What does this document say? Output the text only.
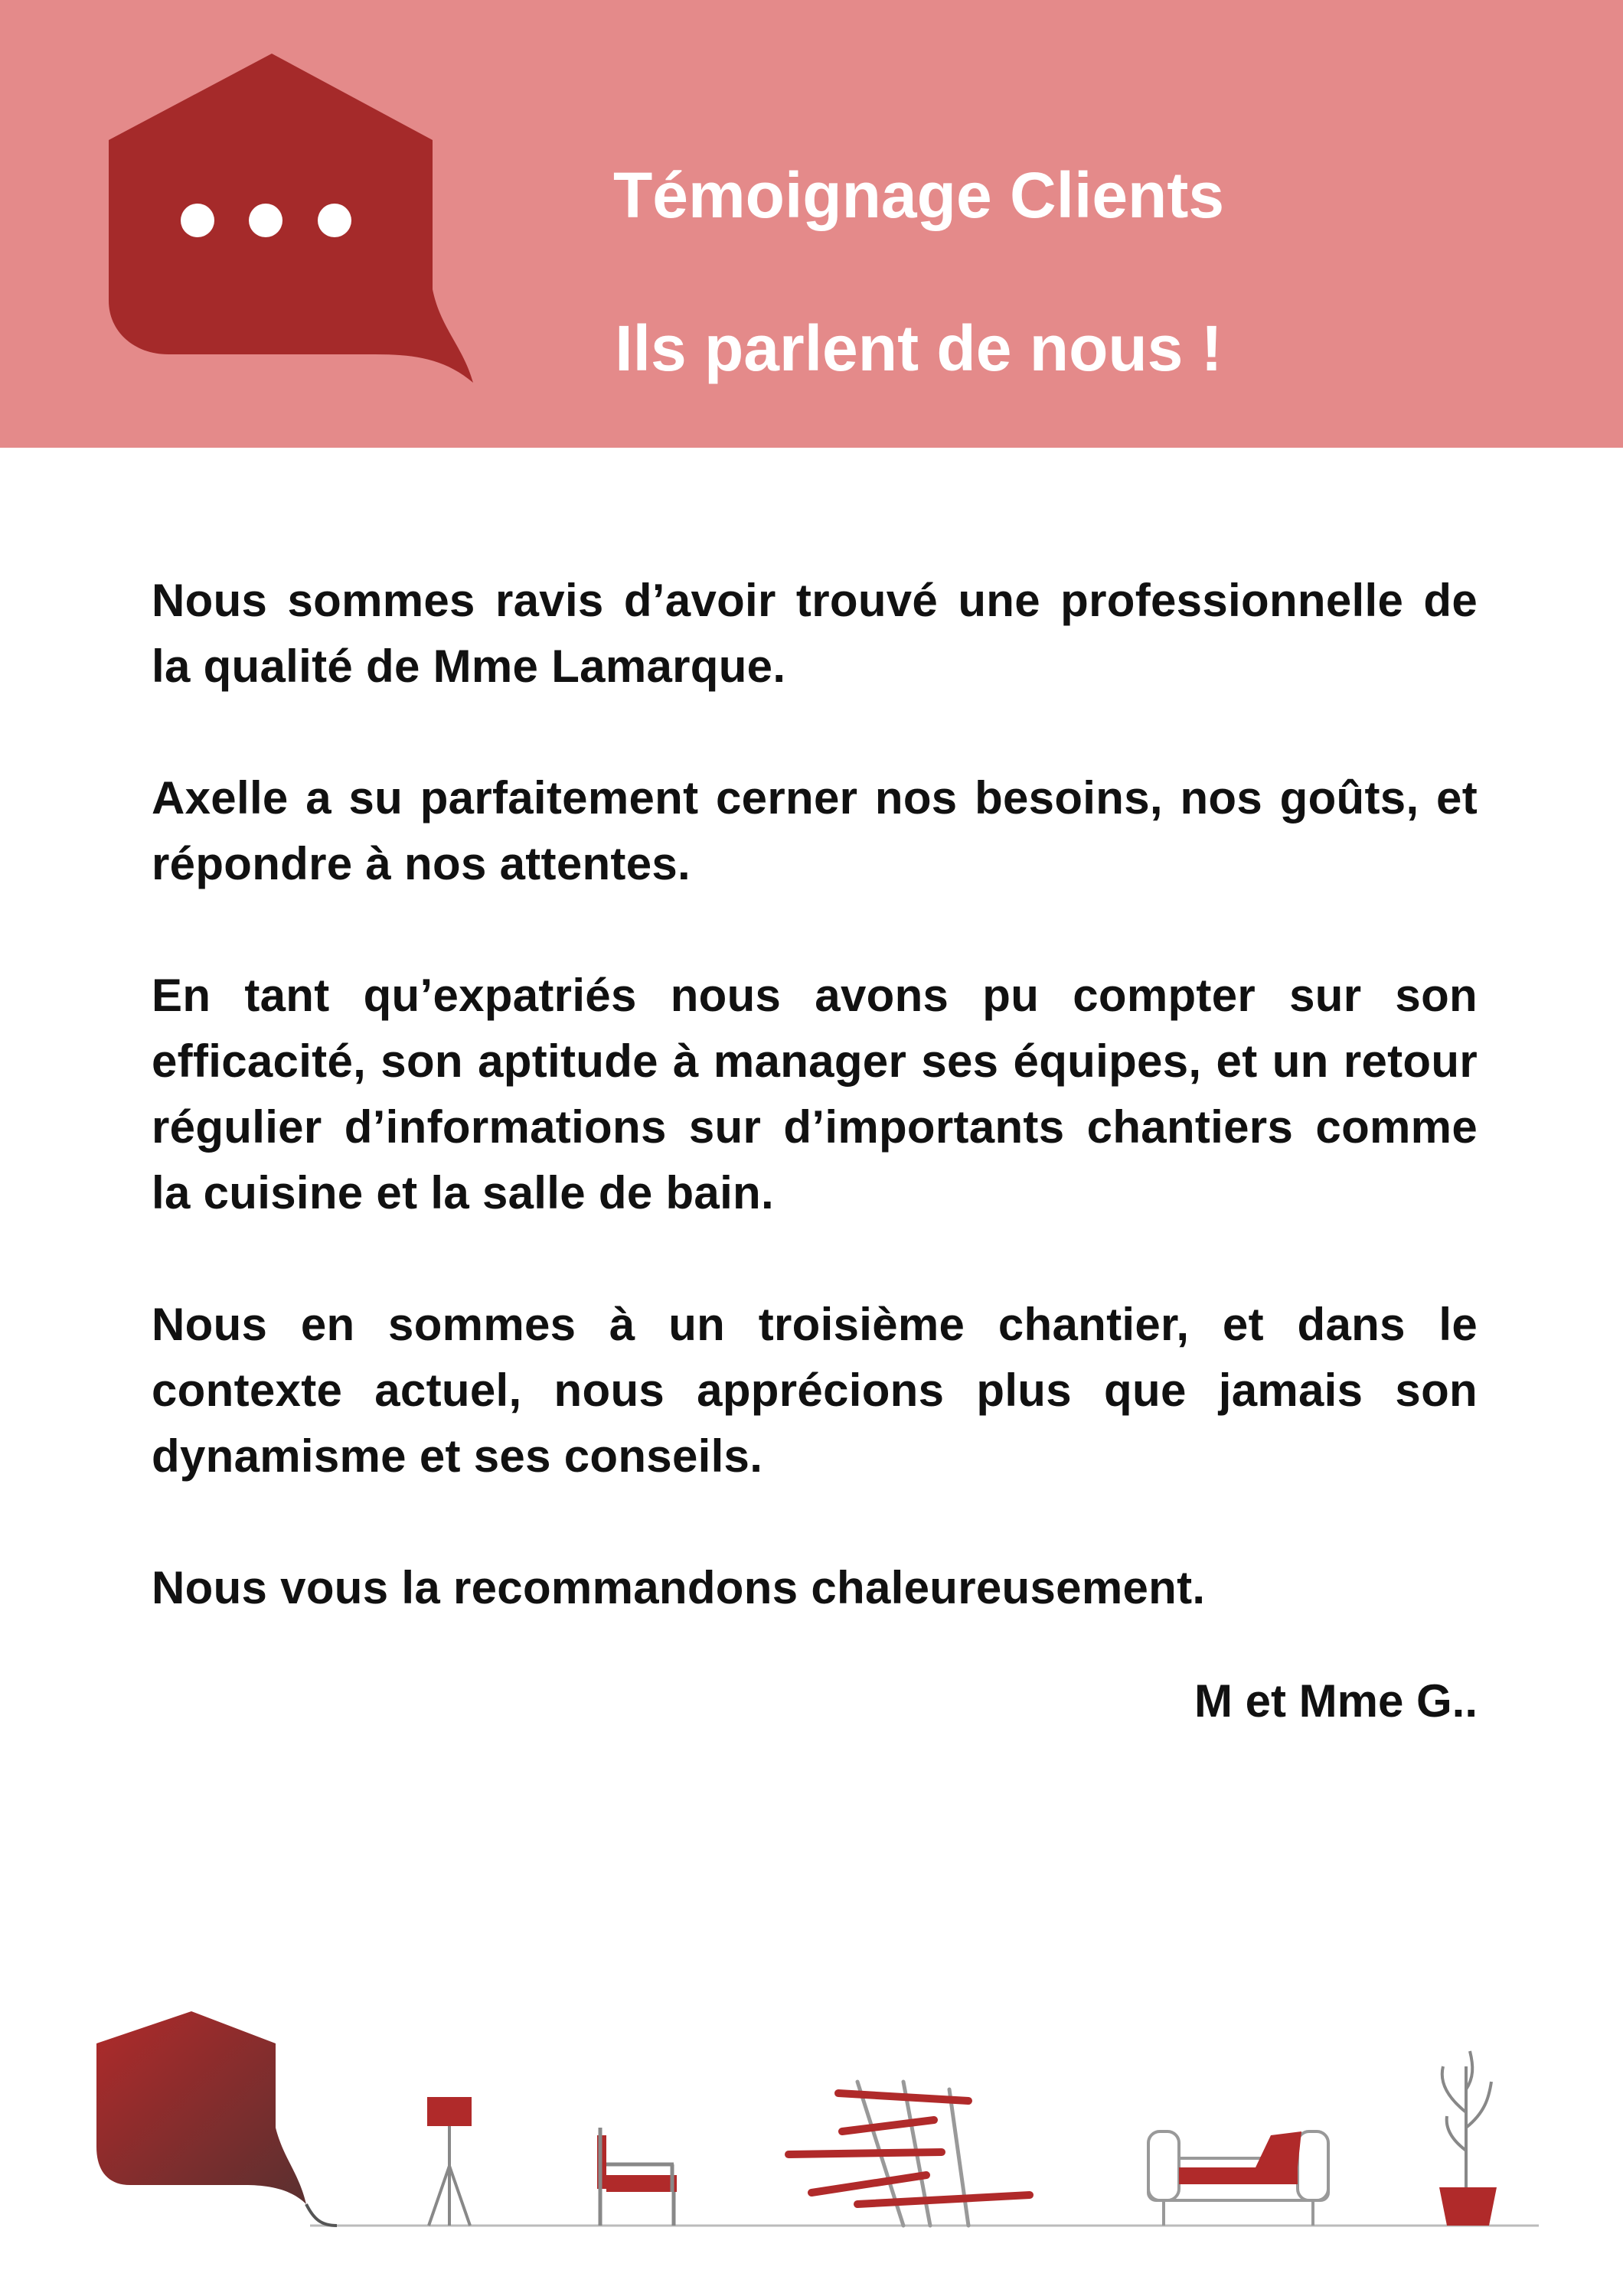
Témoignage Clients
Ils parlent de nous !

Nous sommes ravis d’avoir trouvé une professionnelle de la qualité de Mme Lamarque.

Axelle a su parfaitement cerner nos besoins, nos goûts, et répondre à nos attentes.

En tant qu’expatriés nous avons pu compter sur son efficacité, son aptitude à manager ses équipes, et un retour régulier d’informations sur d’importants chantiers comme la cuisine et la salle de bain.

Nous en sommes à un troisième chantier, et dans le contexte actuel, nous apprécions plus que jamais son dynamisme et ses conseils.

Nous vous la recommandons chaleureusement.

M et Mme G..
